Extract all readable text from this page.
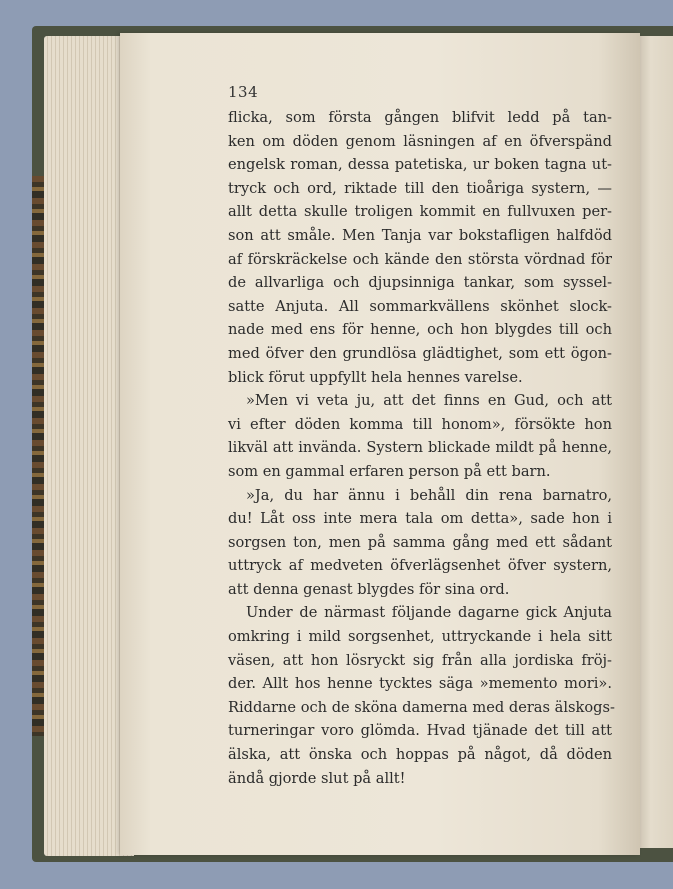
134
flicka, som första gången blifvit ledd på tan-
ken om döden genom läsningen af en öfverspänd
engelsk roman, dessa patetiska, ur boken tagna ut-
tryck och ord, riktade till den tioåriga systern, —
allt detta skulle troligen kommit en fullvuxen per-
son att småle. Men Tanja var bokstafligen halfdöd
af förskräckelse och kände den största vördnad för
de allvarliga och djupsinniga tankar, som syssel-
satte Anjuta. All sommarkvällens skönhet slock-
nade med ens för henne, och hon blygdes till och
med öfver den grundlösa glädtighet, som ett ögon-
blick förut uppfyllt hela hennes varelse.
»Men vi veta ju, att det finns en Gud, och att
vi efter döden komma till honom», försökte hon
likväl att invända. Systern blickade mildt på henne,
som en gammal erfaren person på ett barn.
»Ja, du har ännu i behåll din rena barnatro,
du! Låt oss inte mera tala om detta», sade hon i
sorgsen ton, men på samma gång med ett sådant
uttryck af medveten öfverlägsenhet öfver systern,
att denna genast blygdes för sina ord.
Under de närmast följande dagarne gick Anjuta
omkring i mild sorgsenhet, uttryckande i hela sitt
väsen, att hon lösryckt sig från alla jordiska fröj-
der. Allt hos henne tycktes säga »memento mori».
Riddarne och de sköna damerna med deras älskogs-
turneringar voro glömda. Hvad tjänade det till att
älska, att önska och hoppas på något, då döden
ändå gjorde slut på allt!
